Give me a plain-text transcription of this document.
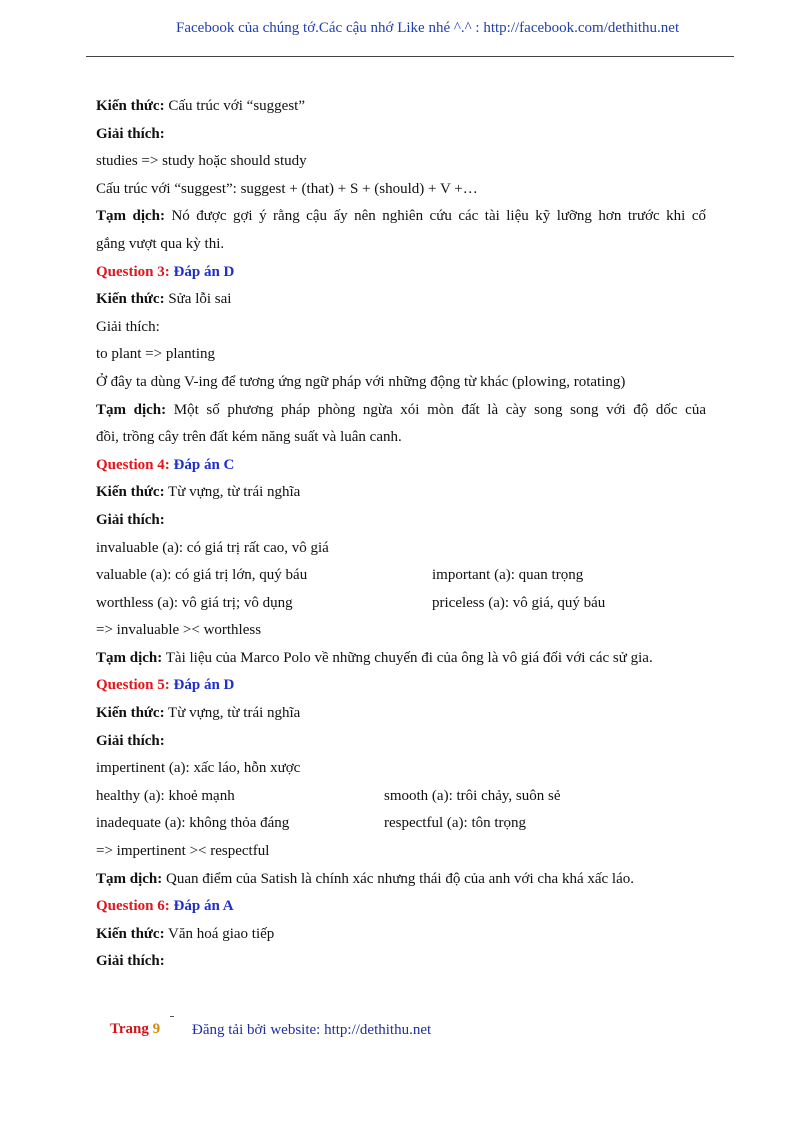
Facebook của chúng tớ.Các cậu nhớ Like nhé ^.^ : http://facebook.com/dethithu.net
Kiến thức: Cấu trúc với “suggest”
Giải thích:
studies => study hoặc should study
Cấu trúc với “suggest”: suggest + (that) + S + (should) + V +…
Tạm dịch: Nó được gợi ý rằng cậu ấy nên nghiên cứu các tài liệu kỹ lưỡng hơn trước khi cố
gắng vượt qua kỳ thi.
Question 3: Đáp án D
Kiến thức: Sửa lỗi sai
Giải thích:
to plant => planting
Ở đây ta dùng V-ing để tương ứng ngữ pháp với những động từ khác (plowing, rotating)
Tạm dịch: Một số phương pháp phòng ngừa xói mòn đất là cày song song với độ dốc của
đồi, trồng cây trên đất kém năng suất và luân canh.
Question 4: Đáp án C
Kiến thức: Từ vựng, từ trái nghĩa
Giải thích:
invaluable (a): có giá trị rất cao, vô giá
valuable (a): có giá trị lớn, quý báu	important (a): quan trọng
worthless (a): vô giá trị; vô dụng	priceless (a): vô giá, quý báu
=> invaluable >< worthless
Tạm dịch: Tài liệu của Marco Polo về những chuyến đi của ông là vô giá đối với các sử gia.
Question 5: Đáp án D
Kiến thức: Từ vựng, từ trái nghĩa
Giải thích:
impertinent (a): xấc láo, hỗn xược
healthy (a): khoẻ mạnh	smooth (a): trôi chảy, suôn sẻ
inadequate (a): không thỏa đáng	respectful (a): tôn trọng
=> impertinent >< respectful
Tạm dịch: Quan điểm của Satish là chính xác nhưng thái độ của anh với cha khá xấc láo.
Question 6: Đáp án A
Kiến thức: Văn hoá giao tiếp
Giải thích:
Trang 9 Đăng tải bởi website: http://dethithu.net
